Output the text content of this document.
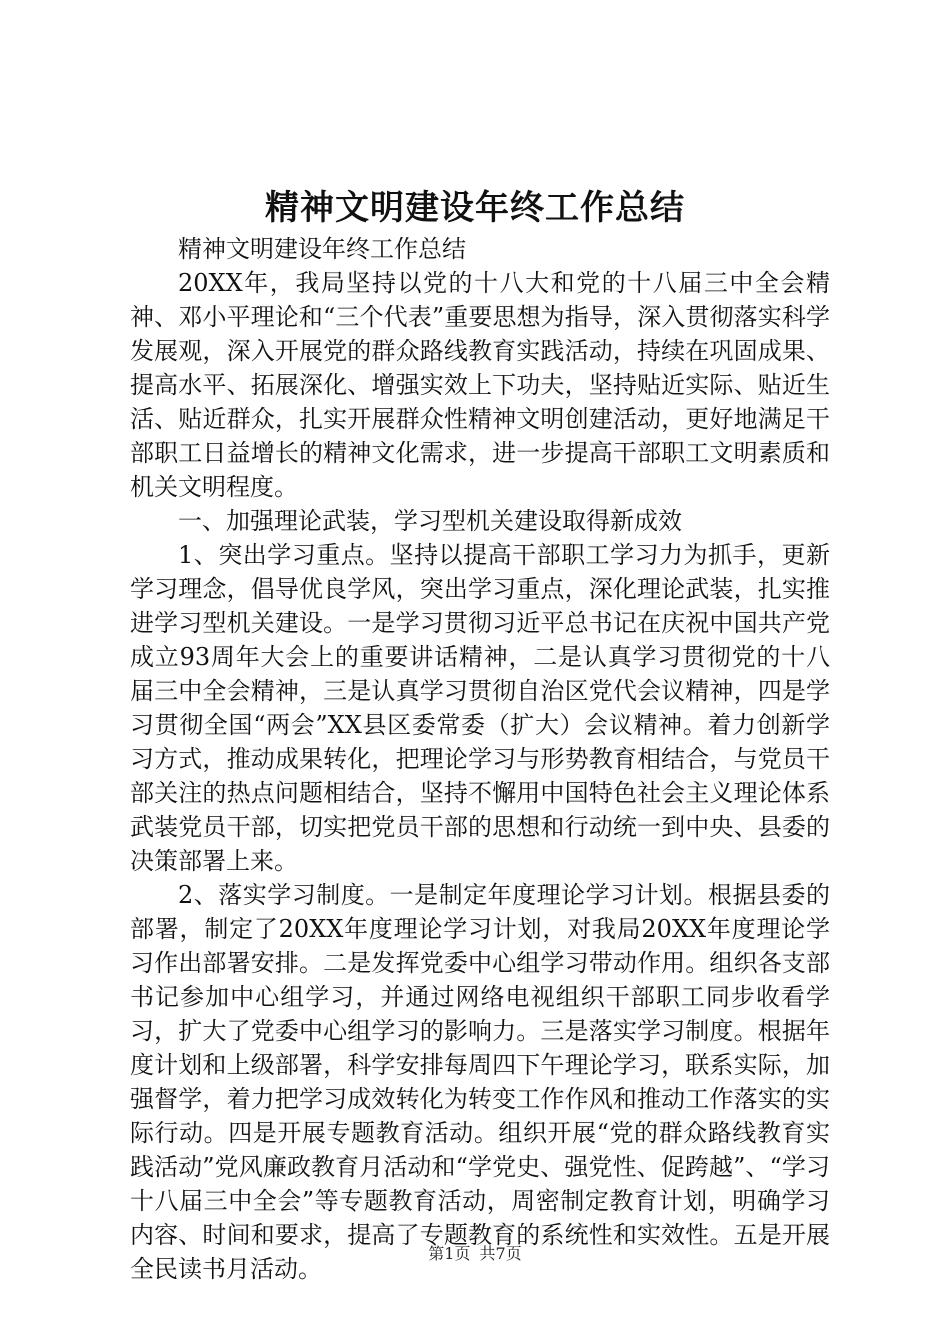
精神文明建设年终工作总结

精神文明建设年终工作总结

20XX年，我局坚持以党的十八大和党的十八届三中全会精神、邓小平理论和“三个代表”重要思想为指导，深入贯彻落实科学发展观，深入开展党的群众路线教育实践活动，持续在巩固成果、提高水平、拓展深化、增强实效上下功夫，坚持贴近实际、贴近生活、贴近群众，扎实开展群众性精神文明创建活动，更好地满足干部职工日益增长的精神文化需求，进一步提高干部职工文明素质和机关文明程度。

一、加强理论武装，学习型机关建设取得新成效

1、突出学习重点。坚持以提高干部职工学习力为抓手，更新学习理念，倡导优良学风，突出学习重点，深化理论武装，扎实推进学习型机关建设。一是学习贯彻习近平总书记在庆祝中国共产党成立93周年大会上的重要讲话精神，二是认真学习贯彻党的十八届三中全会精神，三是认真学习贯彻自治区党代会议精神，四是学习贯彻全国“两会”XX县区委常委（扩大）会议精神。着力创新学习方式，推动成果转化，把理论学习与形势教育相结合，与党员干部关注的热点问题相结合，坚持不懈用中国特色社会主义理论体系武装党员干部，切实把党员干部的思想和行动统一到中央、县委的决策部署上来。

2、落实学习制度。一是制定年度理论学习计划。根据县委的部署，制定了20XX年度理论学习计划，对我局20XX年度理论学习作出部署安排。二是发挥党委中心组学习带动作用。组织各支部书记参加中心组学习，并通过网络电视组织干部职工同步收看学习，扩大了党委中心组学习的影响力。三是落实学习制度。根据年度计划和上级部署，科学安排每周四下午理论学习，联系实际，加强督学，着力把学习成效转化为转变工作作风和推动工作落实的实际行动。四是开展专题教育活动。组织开展“党的群众路线教育实践活动”党风廉政教育月活动和“学党史、强党性、促跨越”、“学习十八届三中全会”等专题教育活动，周密制定教育计划，明确学习内容、时间和要求，提高了专题教育的系统性和实效性。五是开展全民读书月活动。

第1页 共7页
